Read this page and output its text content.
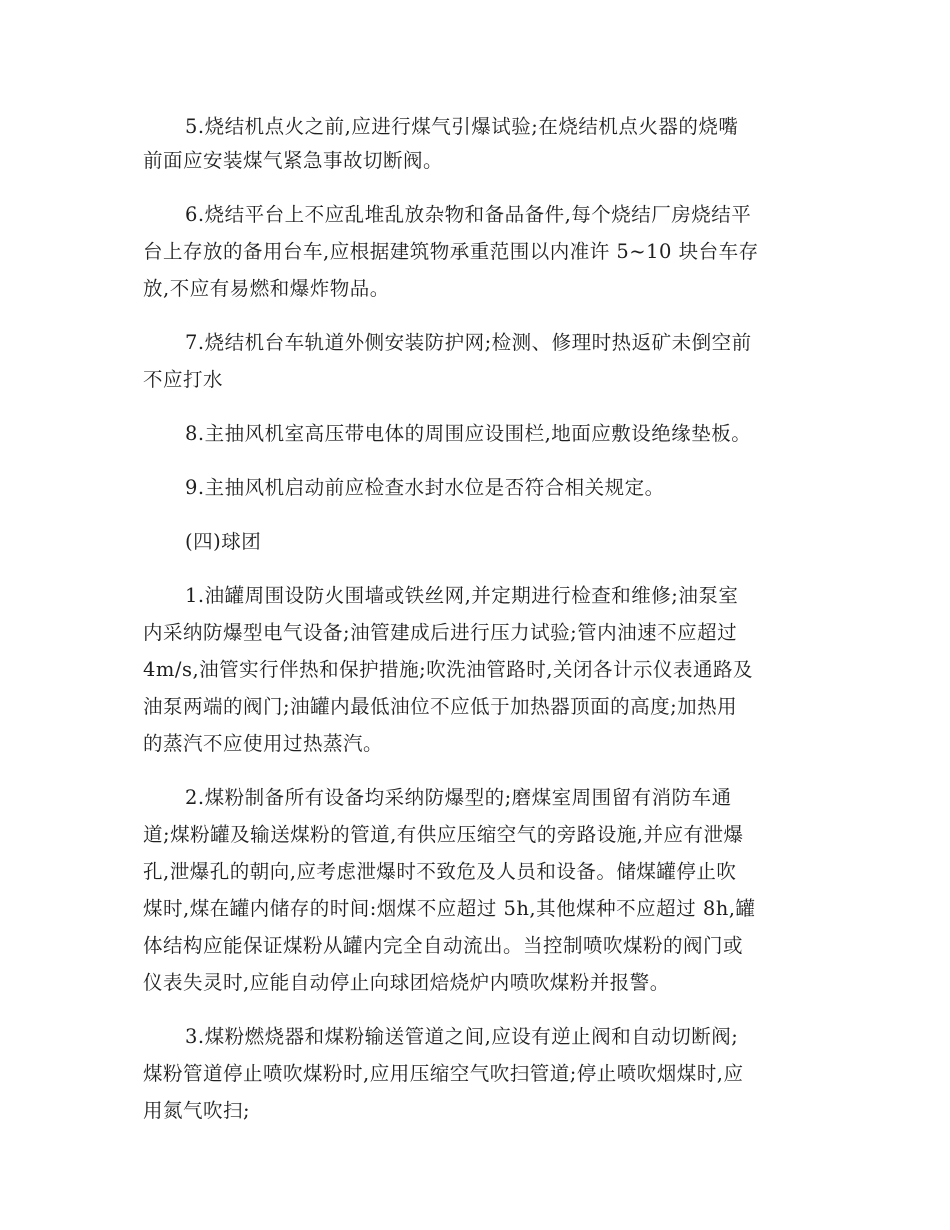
5.烧结机点火之前,应进行煤气引爆试验;在烧结机点火器的烧嘴
前面应安装煤气紧急事故切断阀。
6.烧结平台上不应乱堆乱放杂物和备品备件,每个烧结厂房烧结平
台上存放的备用台车,应根据建筑物承重范围以内准许 5~10 块台车存
放,不应有易燃和爆炸物品。
7.烧结机台车轨道外侧安装防护网;检测、修理时热返矿未倒空前
不应打水
8.主抽风机室高压带电体的周围应设围栏,地面应敷设绝缘垫板。
9.主抽风机启动前应检查水封水位是否符合相关规定。
(四)球团
1.油罐周围设防火围墙或铁丝网,并定期进行检查和维修;油泵室
内采纳防爆型电气设备;油管建成后进行压力试验;管内油速不应超过
4m/s,油管实行伴热和保护措施;吹洗油管路时,关闭各计示仪表通路及
油泵两端的阀门;油罐内最低油位不应低于加热器顶面的高度;加热用
的蒸汽不应使用过热蒸汽。
2.煤粉制备所有设备均采纳防爆型的;磨煤室周围留有消防车通
道;煤粉罐及输送煤粉的管道,有供应压缩空气的旁路设施,并应有泄爆
孔,泄爆孔的朝向,应考虑泄爆时不致危及人员和设备。储煤罐停止吹
煤时,煤在罐内储存的时间:烟煤不应超过 5h,其他煤种不应超过 8h,罐
体结构应能保证煤粉从罐内完全自动流出。当控制喷吹煤粉的阀门或
仪表失灵时,应能自动停止向球团焙烧炉内喷吹煤粉并报警。
3.煤粉燃烧器和煤粉输送管道之间,应设有逆止阀和自动切断阀;
煤粉管道停止喷吹煤粉时,应用压缩空气吹扫管道;停止喷吹烟煤时,应
用氮气吹扫;
